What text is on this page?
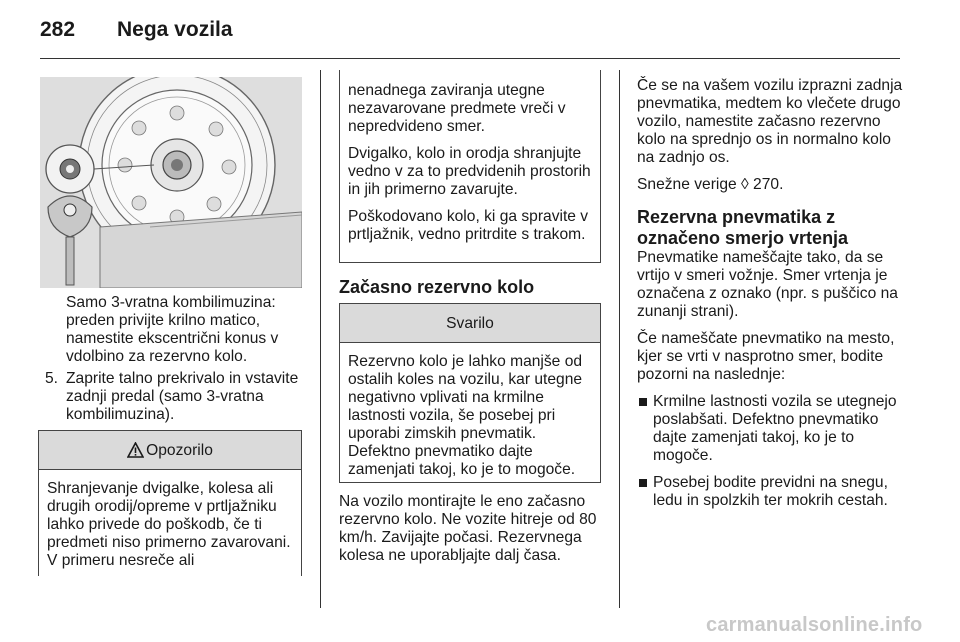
282 Nega vozila
Samo 3-vratna kombilimuzina: preden privijte krilno matico, namestite ekscentrični konus v vdolbino za rezervno kolo.
5. Zaprite talno prekrivalo in vstavite zadnji predal (samo 3-vratna kombilimuzina).
Opozorilo
Shranjevanje dvigalke, kolesa ali drugih orodij/opreme v prtljažniku lahko privede do poškodb, če ti predmeti niso primerno zavarovani. V primeru nesreče ali

nenadnega zaviranja utegne nezavarovane predmete vreči v nepredvideno smer.

Dvigalko, kolo in orodja shranjujte vedno v za to predvidenih prostorih in jih primerno zavarujte.

Poškodovano kolo, ki ga spravite v prtljažnik, vedno pritrdite s trakom.

Začasno rezervno kolo
Svarilo
Rezervno kolo je lahko manjše od ostalih koles na vozilu, kar utegne negativno vplivati na krmilne lastnosti vozila, še posebej pri uporabi zimskih pnevmatik. Defektno pnevmatiko dajte zamenjati takoj, ko je to mogoče.
Na vozilo montirajte le eno začasno rezervno kolo. Ne vozite hitreje od 80 km/h. Zavijajte počasi. Rezervnega kolesa ne uporabljajte dalj časa.

Če se na vašem vozilu izprazni zadnja pnevmatika, medtem ko vlečete drugo vozilo, namestite začasno rezervno kolo na sprednjo os in normalno kolo na zadnjo os.

Snežne verige ◊ 270.

Rezervna pnevmatika z označeno smerjo vrtenja

Pnevmatike nameščajte tako, da se vrtijo v smeri vožnje. Smer vrtenja je označena z oznako (npr. s puščico na zunanji strani).

Če nameščate pnevmatiko na mesto, kjer se vrti v nasprotno smer, bodite pozorni na naslednje:

Krmilne lastnosti vozila se utegnejo poslabšati. Defektno pnevmatiko dajte zamenjati takoj, ko je to mogoče.
Posebej bodite previdni na snegu, ledu in spolzkih ter mokrih cestah.
carmanualsonline.info
